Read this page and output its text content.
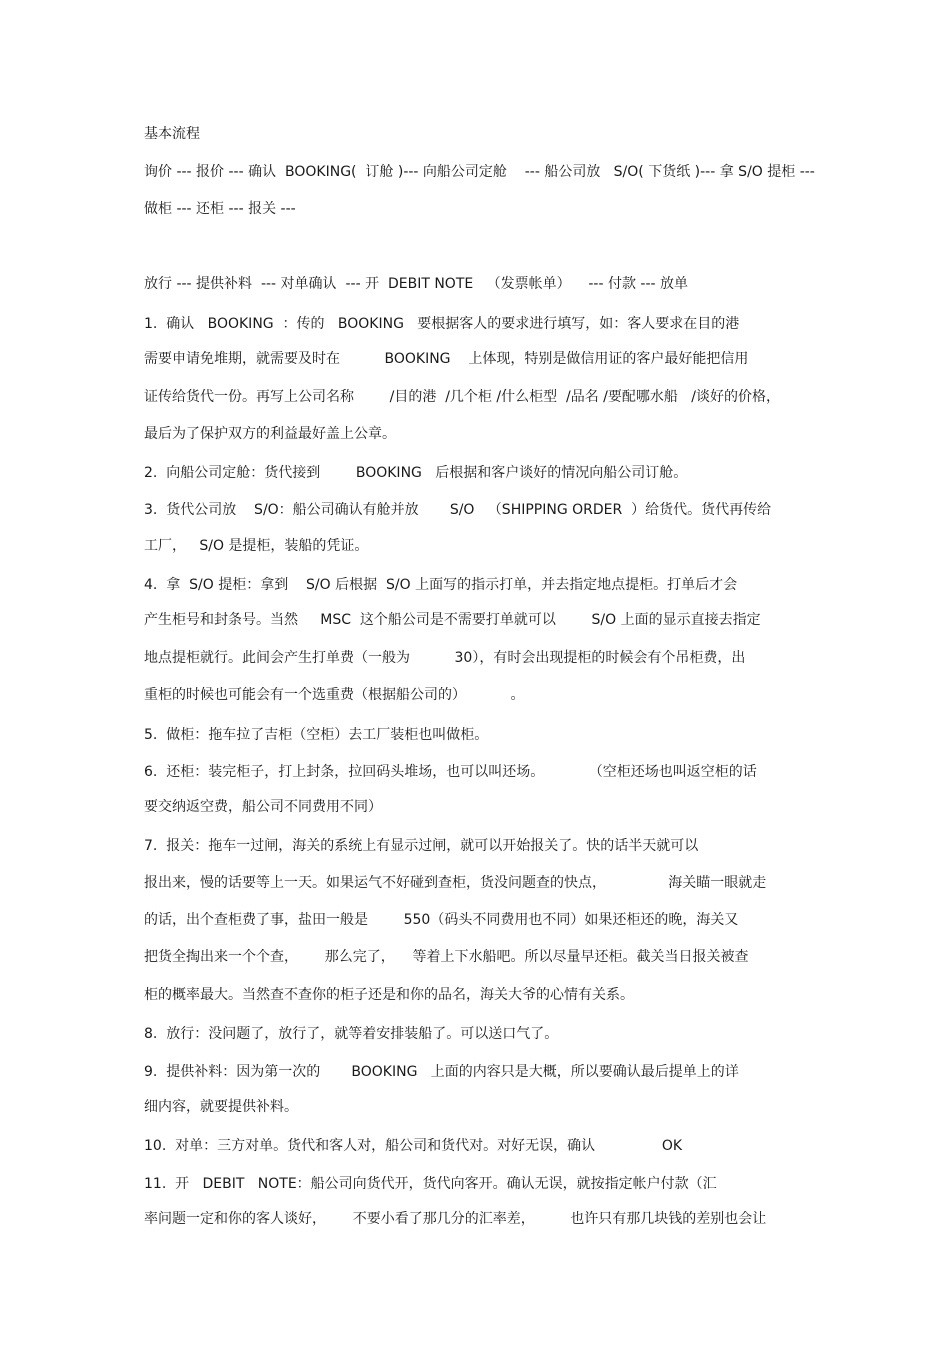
基本流程
询价 --- 报价 --- 确认  BOOKING(  订舱 )--- 向船公司定舱    --- 船公司放   S/O( 下货纸 )--- 拿 S/O 提柜 ---
做柜 --- 还柜 --- 报关 ---
放行 --- 提供补料  --- 对单确认  --- 开  DEBIT NOTE   （发票帐单）    --- 付款 --- 放单
1.  确认   BOOKING  ：传的   BOOKING   要根据客人的要求进行填写，如：客人要求在目的港
需要申请免堆期，就需要及时在          BOOKING    上体现，特别是做信用证的客户最好能把信用
证传给货代一份。再写上公司名称        /目的港  /几个柜 /什么柜型  /品名 /要配哪水船   /谈好的价格，
最后为了保护双方的利益最好盖上公章。
2.  向船公司定舱：货代接到        BOOKING   后根据和客户谈好的情况向船公司订舱。
3.  货代公司放    S/O：船公司确认有舱并放       S/O   （SHIPPING ORDER  ）给货代。货代再传给
工厂，   S/O 是提柜，装船的凭证。
4.  拿  S/O 提柜：拿到    S/O 后根据  S/O 上面写的指示打单，并去指定地点提柜。打单后才会
产生柜号和封条号。当然     MSC  这个船公司是不需要打单就可以        S/O 上面的显示直接去指定
地点提柜就行。此间会产生打单费（一般为          30），有时会出现提柜的时候会有个吊柜费，出
重柜的时候也可能会有一个选重费（根据船公司的）          。
5.  做柜：拖车拉了吉柜（空柜）去工厂装柜也叫做柜。
6.  还柜：装完柜子，打上封条，拉回码头堆场，也可以叫还场。          （空柜还场也叫返空柜的话
要交纳返空费，船公司不同费用不同）
7.  报关：拖车一过闸，海关的系统上有显示过闸，就可以开始报关了。快的话半天就可以
报出来，慢的话要等上一天。如果运气不好碰到查柜，货没问题查的快点，              海关瞄一眼就走
的话，出个查柜费了事，盐田一般是        550（码头不同费用也不同）如果还柜还的晚，海关又
把货全掏出来一个个查，      那么完了，    等着上下水船吧。所以尽量早还柜。截关当日报关被查
柜的概率最大。当然查不查你的柜子还是和你的品名，海关大爷的心情有关系。
8.  放行：没问题了，放行了，就等着安排装船了。可以送口气了。
9.  提供补料：因为第一次的       BOOKING   上面的内容只是大概，所以要确认最后提单上的详
细内容，就要提供补料。
10.  对单：三方对单。货代和客人对，船公司和货代对。对好无误，确认               OK
11.  开   DEBIT   NOTE：船公司向货代开，货代向客开。确认无误，就按指定帐户付款（汇
率问题一定和你的客人谈好，      不要小看了那几分的汇率差，        也许只有那几块钱的差别也会让
